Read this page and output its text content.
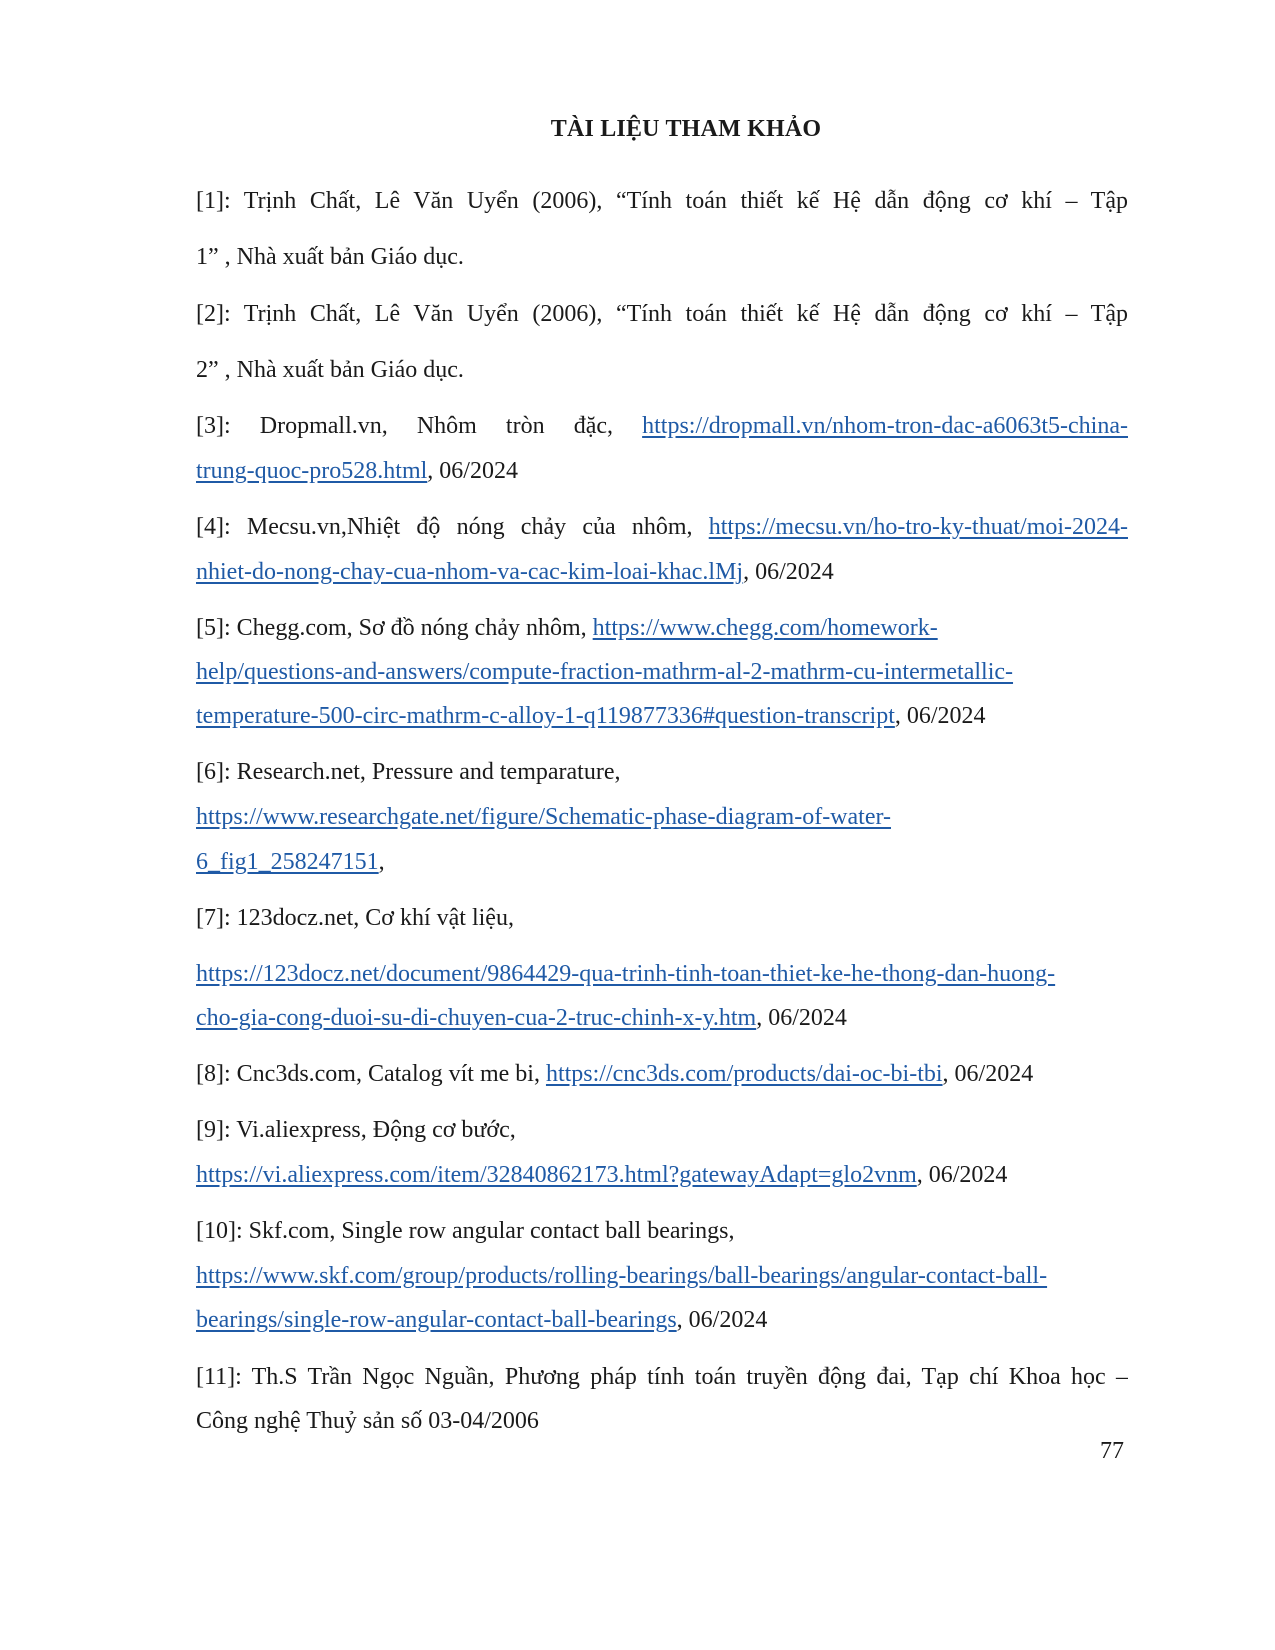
TÀI LIỆU THAM KHẢO
[1]: Trịnh Chất, Lê Văn Uyển (2006), “Tính toán thiết kế Hệ dẫn động cơ khí – Tập
1” , Nhà xuất bản Giáo dục.
[2]: Trịnh Chất, Lê Văn Uyển (2006), “Tính toán thiết kế Hệ dẫn động cơ khí – Tập
2” , Nhà xuất bản Giáo dục.
[3]: Dropmall.vn, Nhôm tròn đặc, https://dropmall.vn/nhom-tron-dac-a6063t5-china-
trung-quoc-pro528.html, 06/2024
[4]: Mecsu.vn,Nhiệt độ nóng chảy của nhôm, https://mecsu.vn/ho-tro-ky-thuat/moi-2024-
nhiet-do-nong-chay-cua-nhom-va-cac-kim-loai-khac.lMj, 06/2024
[5]: Chegg.com, Sơ đồ nóng chảy nhôm, https://www.chegg.com/homework-
help/questions-and-answers/compute-fraction-mathrm-al-2-mathrm-cu-intermetallic-
temperature-500-circ-mathrm-c-alloy-1-q119877336#question-transcript, 06/2024
[6]: Research.net, Pressure and temparature,
https://www.researchgate.net/figure/Schematic-phase-diagram-of-water-
6_fig1_258247151,
[7]: 123docz.net, Cơ khí vật liệu,
https://123docz.net/document/9864429-qua-trinh-tinh-toan-thiet-ke-he-thong-dan-huong-
cho-gia-cong-duoi-su-di-chuyen-cua-2-truc-chinh-x-y.htm, 06/2024
[8]: Cnc3ds.com, Catalog vít me bi, https://cnc3ds.com/products/dai-oc-bi-tbi, 06/2024
[9]: Vi.aliexpress, Động cơ bước,
https://vi.aliexpress.com/item/32840862173.html?gatewayAdapt=glo2vnm, 06/2024
[10]: Skf.com, Single row angular contact ball bearings,
https://www.skf.com/group/products/rolling-bearings/ball-bearings/angular-contact-ball-
bearings/single-row-angular-contact-ball-bearings, 06/2024
[11]: Th.S Trần Ngọc Nguần, Phương pháp tính toán truyền động đai, Tạp chí Khoa học –
Công nghệ Thuỷ sản số 03-04/2006
77
